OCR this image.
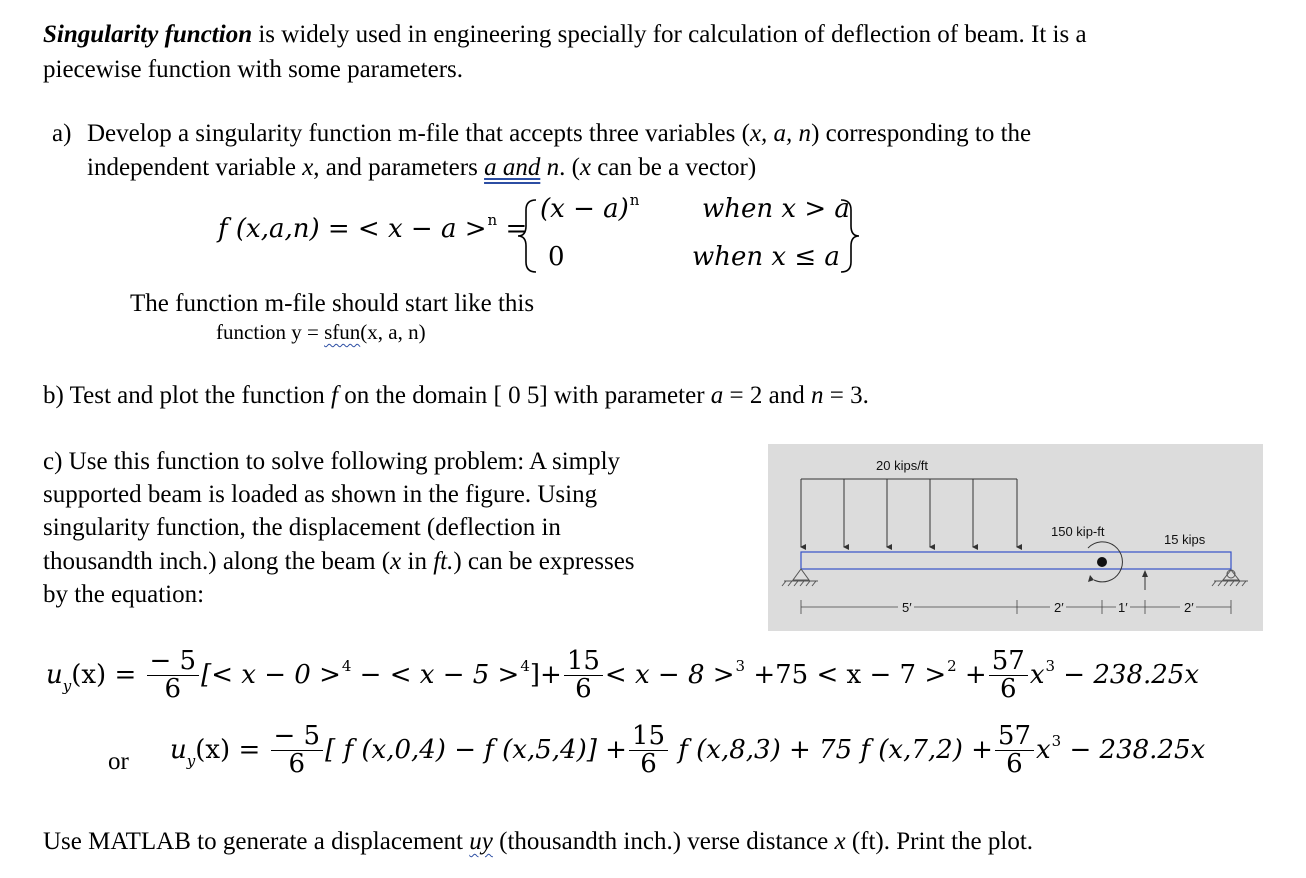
Singularity function is widely used in engineering specially for calculation of deflection of beam. It is a
piecewise function with some parameters.
a) Develop a singularity function m-file that accepts three variables (x, a, n) corresponding to the
independent variable x, and parameters a and n. (x can be a vector)
f (x,a,n) = < x − a >$^n$ =
$(x - a)^n$ when x > a
0	when x ≤ a
The function m-file should start like this
function y = sfun(x, a, n)
b) Test and plot the function f on the domain [ 0 5] with parameter a = 2 and n = 3.
c) Use this function to solve following problem: A simply
supported beam is loaded as shown in the figure. Using
singularity function, the displacement (deflection in
thousandth inch.) along the beam (x in ft.) can be expresses
by the equation:
20 kips/ft
150 kip-ft
15 kips
5′	2′	1′	2′
$u_y(x) = \frac{- 5}{6}$ [< x − 0 >$^4$ − < $x - 5 >^4]+ \frac{15}{6} < x - 8 >^3 +75 < x - 7 >^2 + \frac{57}{6} x^3 - 238.25x$
or $u_y(x) = \frac{- 5}{6}$ [ f (x,0,4) − f $(x,5,4)] + \frac{15}{6}$ f (x,8,3) + 75 f $(x,7,2) + \frac{57}{6} x^3 - 238.25x$
Use MATLAB to generate a displacement uy (thousandth inch.) verse distance x (ft). Print the plot.
